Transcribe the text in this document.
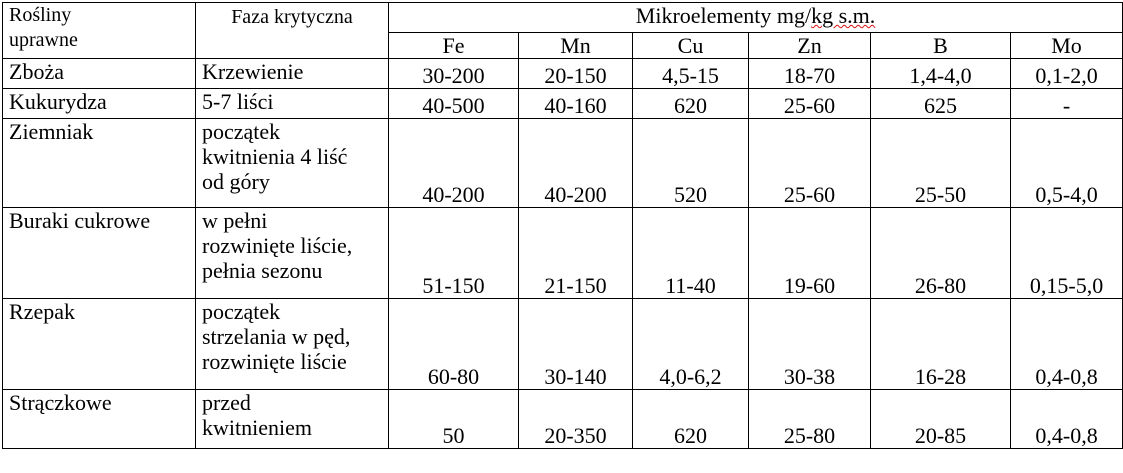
Rośliny
uprawne	Faza krytyczna	Mikroelementy mg/kg s.m.					
		Fe	Mn	Cu	Zn	B	Mo
Zboża	Krzewienie	30-200	20-150	4,5-15	18-70	1,4-4,0	0,1-2,0
Kukurydza	5-7 liści	40-500	40-160	620	25-60	625	-
Ziemniak	początek
kwitnienia 4 liść
od góry	40-200	40-200	520	25-60	25-50	0,5-4,0
Buraki cukrowe	w pełni
rozwinięte liście,
pełnia sezonu	51-150	21-150	11-40	19-60	26-80	0,15-5,0
Rzepak	początek
strzelania w pęd,
rozwinięte liście	60-80	30-140	4,0-6,2	30-38	16-28	0,4-0,8
Strączkowe	przed
kwitnieniem	50	20-350	620	25-80	20-85	0,4-0,8
